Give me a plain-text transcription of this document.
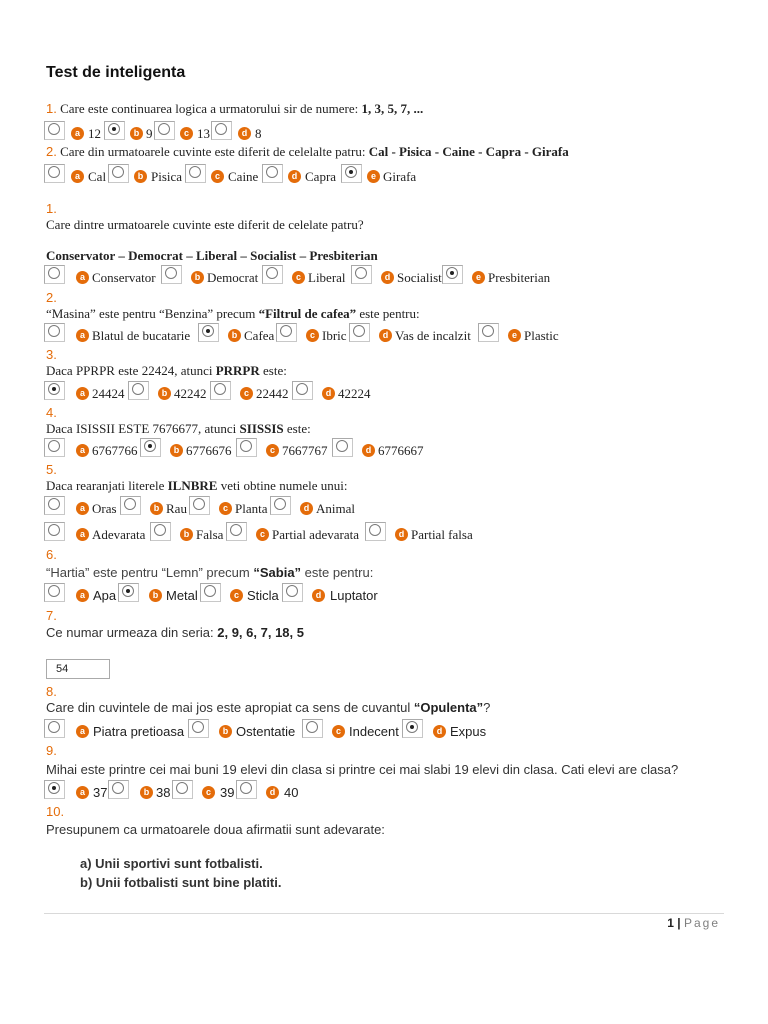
Test de inteligenta
1. Care este continuarea logica a urmatorului sir de numere: 1, 3, 5, 7, ...
a 12	b 9	c 13	d 8
2. Care din urmatoarele cuvinte este diferit de celelalte patru: Cal - Pisica - Caine - Capra - Girafa
a Cal	b Pisica	c Caine	d Capra	e Girafa
1.
Care dintre urmatoarele cuvinte este diferit de celelate patru?
Conservator – Democrat – Liberal – Socialist – Presbiterian
a Conservator	b Democrat	c Liberal	d Socialist	e Presbiterian
2.
“Masina” este pentru “Benzina” precum “Filtrul de cafea” este pentru:
a Blatul de bucatarie	b Cafea	c Ibric	d Vas de incalzit	e Plastic
3.
Daca PPRPR este 22424, atunci PRRPR este:
a 24424	b 42242	c 22442	d 42224
4.
Daca ISISSII ESTE 7676677, atunci SIISSIS este:
a 6767766	b 6776676	c 7667767	d 6776667
5.
Daca rearanjati literele ILNBRE veti obtine numele unui:
a Oras	b Rau	c Planta	d Animal
a Adevarata	b Falsa	c Partial adevarata	d Partial falsa
6.
“Hartia” este pentru “Lemn” precum “Sabia” este pentru:
a Apa	b Metal	c Sticla	d Luptator
7.
Ce numar urmeaza din seria: 2, 9, 6, 7, 18, 5
54
8.
Care din cuvintele de mai jos este apropiat ca sens de cuvantul “Opulenta”?
a Piatra pretioasa	b Ostentatie	c Indecent	d Expus
9.
Mihai este printre cei mai buni 19 elevi din clasa si printre cei mai slabi 19 elevi din clasa. Cati elevi are clasa?
a 37	b 38	c 39	d 40
10.
Presupunem ca urmatoarele doua afirmatii sunt adevarate:
a) Unii sportivi sunt fotbalisti.
b) Unii fotbalisti sunt bine platiti.
1 | Page
